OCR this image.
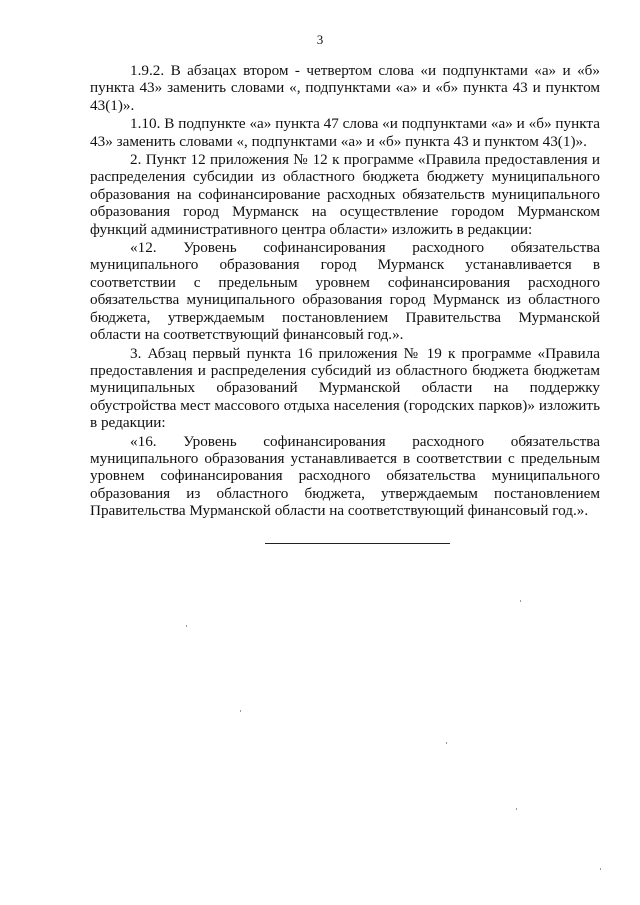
3

1.9.2. В абзацах втором - четвертом слова «и подпунктами «а» и «б» пункта 43» заменить словами «, подпунктами «а» и «б» пункта 43 и пунктом 43(1)».

1.10. В подпункте «а» пункта 47 слова «и подпунктами «а» и «б» пункта 43» заменить словами «, подпунктами «а» и «б» пункта 43 и пунктом 43(1)».

2. Пункт 12 приложения № 12 к программе «Правила предоставления и распределения субсидии из областного бюджета бюджету муниципального образования на софинансирование расходных обязательств муниципального образования город Мурманск на осуществление городом Мурманском функций административного центра области» изложить в редакции:

«12. Уровень софинансирования расходного обязательства муниципального образования город Мурманск устанавливается в соответствии с предельным уровнем софинансирования расходного обязательства муниципального образования город Мурманск из областного бюджета, утверждаемым постановлением Правительства Мурманской области на соответствующий финансовый год.».

3. Абзац первый пункта 16 приложения № 19 к программе «Правила предоставления и распределения субсидий из областного бюджета бюджетам муниципальных образований Мурманской области на поддержку обустройства мест массового отдыха населения (городских парков)» изложить в редакции:

«16. Уровень софинансирования расходного обязательства муниципального образования устанавливается в соответствии с предельным уровнем софинансирования расходного обязательства муниципального образования из областного бюджета, утверждаемым постановлением Правительства Мурманской области на соответствующий финансовый год.».
